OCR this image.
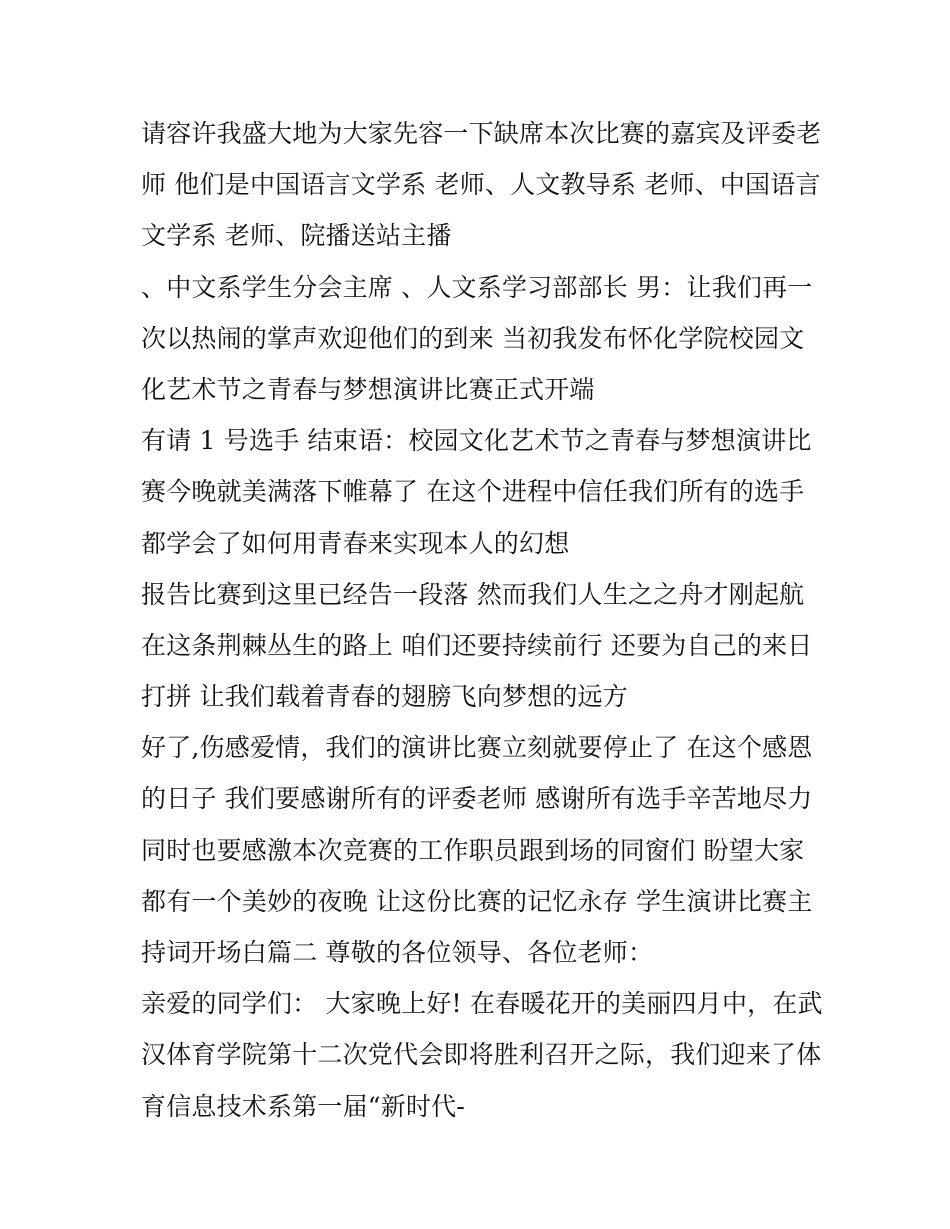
请容许我盛大地为大家先容一下缺席本次比赛的嘉宾及评委老
师 他们是中国语言文学系 老师、人文教导系 老师、中国语言
文学系 老师、院播送站主播
、中文系学生分会主席 、人文系学习部部长 男：让我们再一
次以热闹的掌声欢迎他们的到来 当初我发布怀化学院校园文
化艺术节之青春与梦想演讲比赛正式开端
有请 1 号选手 结束语：校园文化艺术节之青春与梦想演讲比
赛今晚就美满落下帷幕了 在这个进程中信任我们所有的选手
都学会了如何用青春来实现本人的幻想
报告比赛到这里已经告一段落 然而我们人生之之舟才刚起航
在这条荆棘丛生的路上 咱们还要持续前行 还要为自己的来日
打拼 让我们载着青春的翅膀飞向梦想的远方
好了,伤感爱情，我们的演讲比赛立刻就要停止了 在这个感恩
的日子 我们要感谢所有的评委老师 感谢所有选手辛苦地尽力
同时也要感激本次竞赛的工作职员跟到场的同窗们 盼望大家
都有一个美妙的夜晚 让这份比赛的记忆永存 学生演讲比赛主
持词开场白篇二 尊敬的各位领导、各位老师：
亲爱的同学们： 大家晚上好! 在春暖花开的美丽四月中，在武
汉体育学院第十二次党代会即将胜利召开之际，我们迎来了体
育信息技术系第一届“新时代-
